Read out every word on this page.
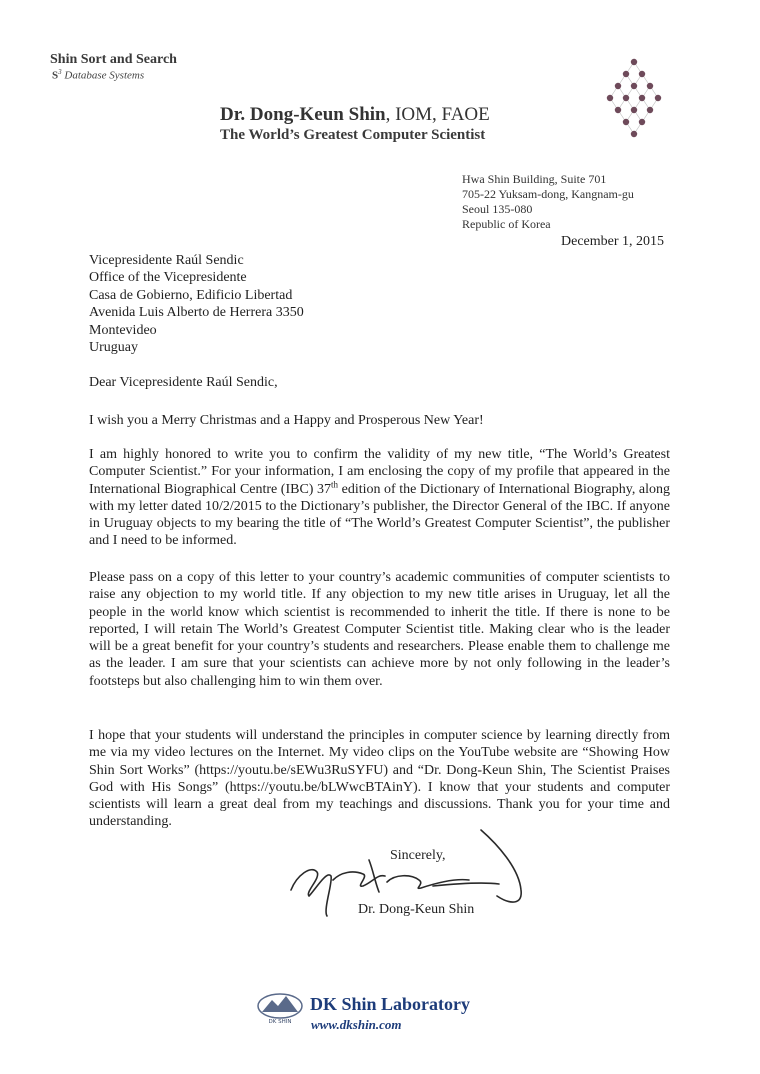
Shin Sort and Search
$S^3$ Database Systems
Dr. Dong-Keun Shin, IOM, FAOE
The World’s Greatest Computer Scientist
Hwa Shin Building, Suite 701
705-22 Yuksam-dong, Kangnam-gu
Seoul 135-080
Republic of Korea
December 1, 2015
Vicepresidente Raúl Sendic
Office of the Vicepresidente
Casa de Gobierno, Edificio Libertad
Avenida Luis Alberto de Herrera 3350
Montevideo
Uruguay
Dear Vicepresidente Raúl Sendic,
I wish you a Merry Christmas and a Happy and Prosperous New Year!
I am highly honored to write you to confirm the validity of my new title, “The World’s Greatest Computer Scientist.” For your information, I am enclosing the copy of my profile that appeared in the International Biographical Centre (IBC) 37th edition of the Dictionary of International Biography, along with my letter dated 10/2/2015 to the Dictionary’s publisher, the Director General of the IBC. If anyone in Uruguay objects to my bearing the title of “The World’s Greatest Computer Scientist”, the publisher and I need to be informed.
Please pass on a copy of this letter to your country’s academic communities of computer scientists to raise any objection to my world title. If any objection to my new title arises in Uruguay, let all the people in the world know which scientist is recommended to inherit the title. If there is none to be reported, I will retain The World’s Greatest Computer Scientist title. Making clear who is the leader will be a great benefit for your country’s students and researchers. Please enable them to challenge me as the leader. I am sure that your scientists can achieve more by not only following in the leader’s footsteps but also challenging him to win them over.
I hope that your students will understand the principles in computer science by learning directly from me via my video lectures on the Internet. My video clips on the YouTube website are “Showing How Shin Sort Works” (https://youtu.be/sEWu3RuSYFU) and “Dr. Dong-Keun Shin, The Scientist Praises God with His Songs” (https://youtu.be/bLWwcBTAinY). I know that your students and computer scientists will learn a great deal from my teachings and discussions. Thank you for your time and understanding.
Sincerely,
Dr. Dong-Keun Shin
DK SHIN
DK Shin Laboratory
www.dkshin.com
